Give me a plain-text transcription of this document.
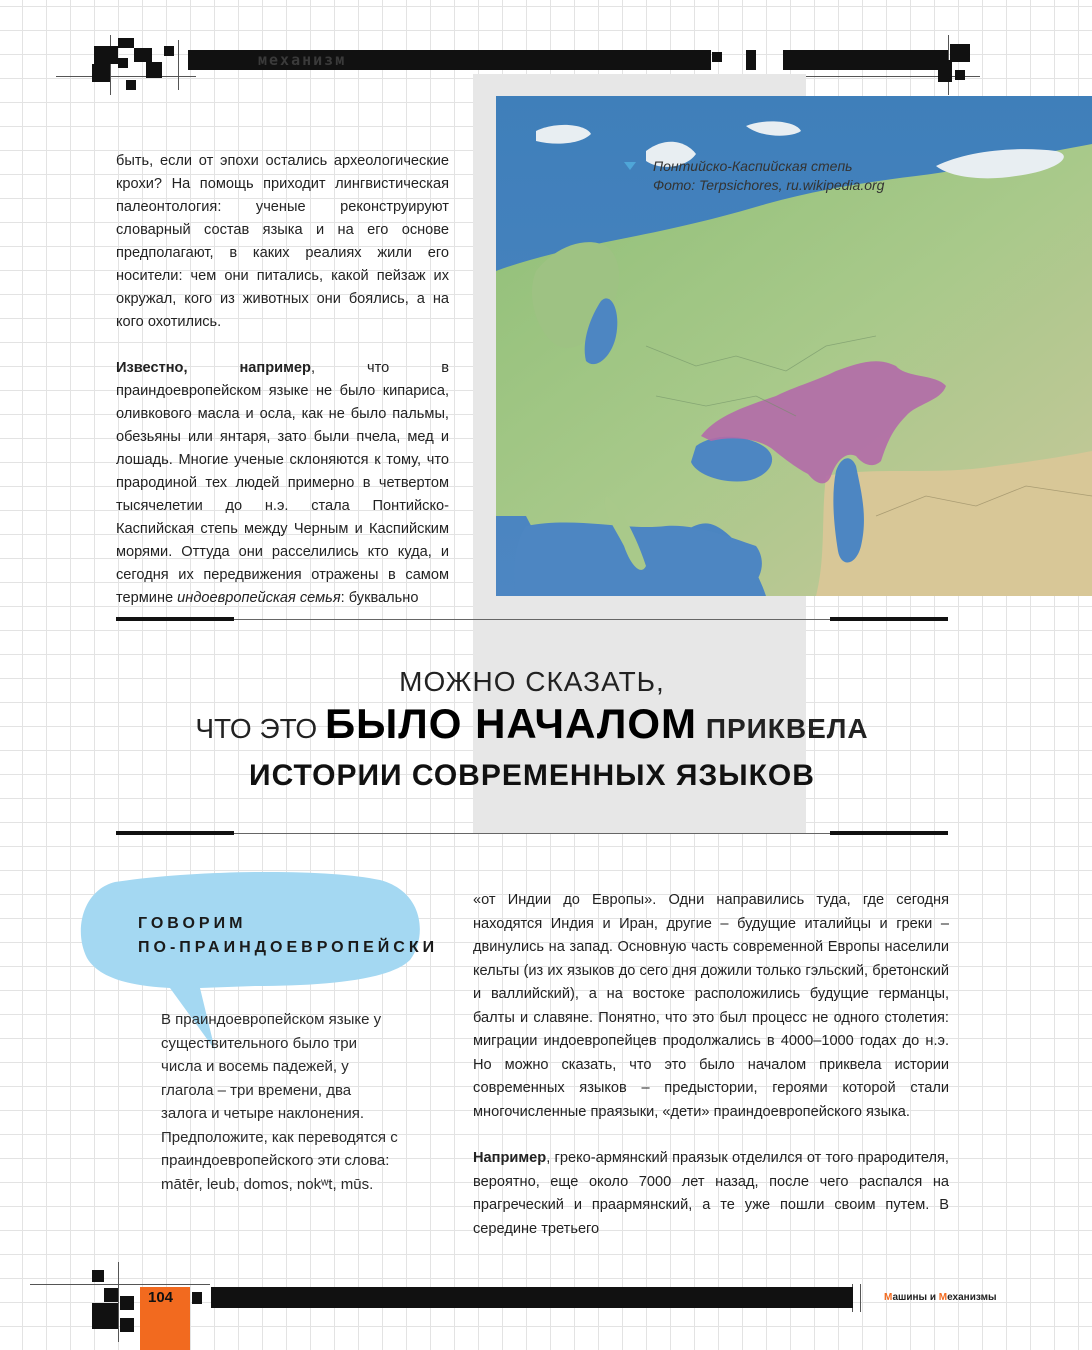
механизм
Понтийско-Каспийская степь
Фото: Terpsichores, ru.wikipedia.org

быть, если от эпохи остались археологические крохи? На помощь приходит лингвистическая палеонтология: ученые реконструируют словарный состав языка и на его основе предполагают, в каких реалиях жили его носители: чем они питались, какой пейзаж их окружал, кого из животных они боялись, а на кого охотились.

Известно, например, что в праиндоевропейском языке не было кипариса, оливкового масла и осла, как не было пальмы, обезьяны или янтаря, зато были пчела, мед и лошадь. Многие ученые склоняются к тому, что прародиной тех людей примерно в четвертом тысячелетии до н.э. стала Понтийско-Каспийская степь между Черным и Каспийским морями. Оттуда они расселились кто куда, и сегодня их передвижения отражены в самом термине индоевропейская семья: буквально

МОЖНО СКАЗАТЬ,
ЧТО ЭТО БЫЛО НАЧАЛОМ ПРИКВЕЛА
ИСТОРИИ СОВРЕМЕННЫХ ЯЗЫКОВ
ГОВОРИМ
ПО-ПРАИНДОЕВРОПЕЙСКИ
В праиндоевропейском языке у существительного было три числа и восемь падежей, у глагола – три времени, два залога и четыре наклонения. Предположите, как переводятся с праиндоевропейского эти слова: mātēr, leub, domos, nokʷt, mūs.

«от Индии до Европы». Одни направились туда, где сегодня находятся Индия и Иран, другие – будущие италийцы и греки – двинулись на запад. Основную часть современной Европы населили кельты (из их языков до сего дня дожили только гэльский, бретонский и валлийский), а на востоке расположились будущие германцы, балты и славяне. Понятно, что это был процесс не одного столетия: миграции индоевропейцев продолжались в 4000–1000 годах до н.э. Но можно сказать, что это было началом приквела истории современных языков – предыстории, героями которой стали многочисленные праязыки, «дети» праиндоевропейского языка.

Например, греко-армянский праязык отделился от того прародителя, вероятно, еще около 7000 лет назад, после чего распался на прагреческий и праармянский, а те уже пошли своим путем. В середине третьего

104	Машины и Механизмы
